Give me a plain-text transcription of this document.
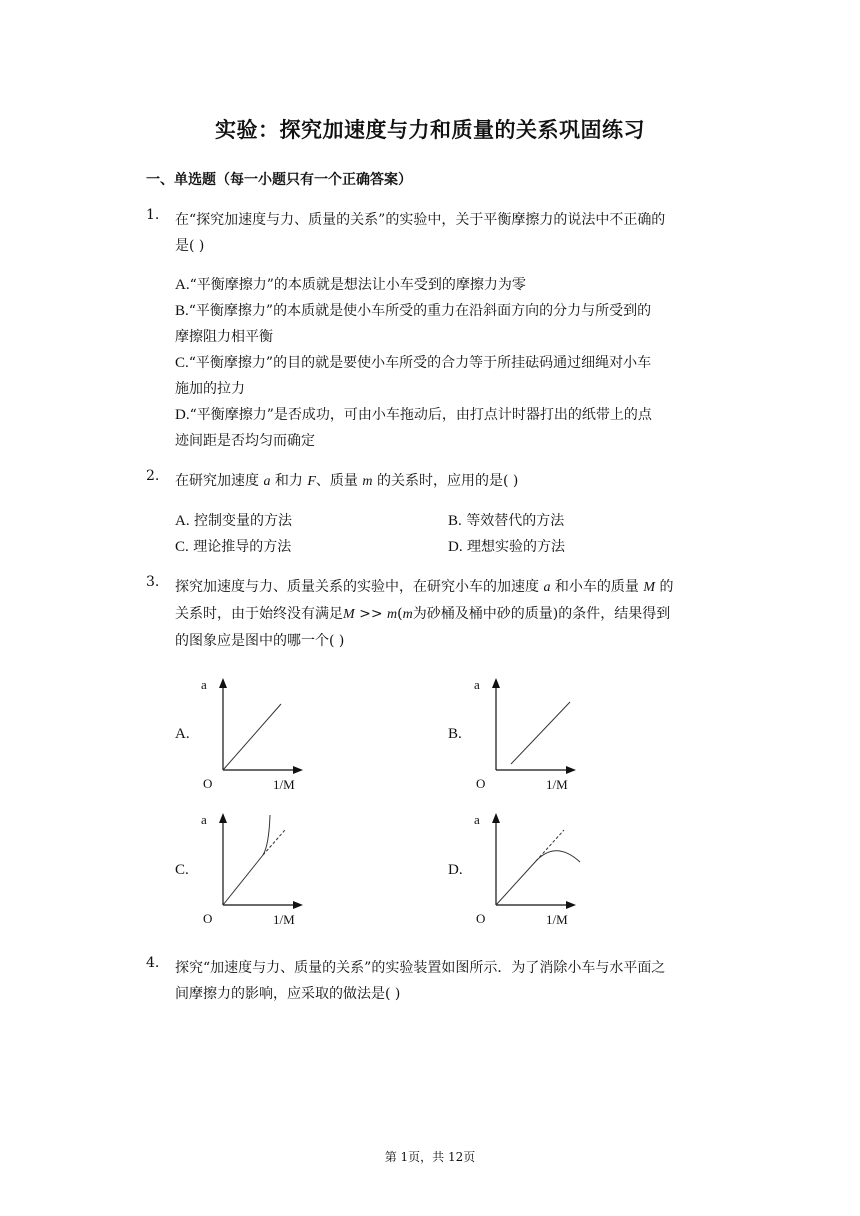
实验：探究加速度与力和质量的关系巩固练习
一、单选题（每一小题只有一个正确答案）
1. 在“探究加速度与力、质量的关系”的实验中，关于平衡摩擦力的说法中不正确的
是( )
A.“平衡摩擦力”的本质就是想法让小车受到的摩擦力为零
B.“平衡摩擦力”的本质就是使小车所受的重力在沿斜面方向的分力与所受到的
摩擦阻力相平衡
C.“平衡摩擦力”的目的就是要使小车所受的合力等于所挂砝码通过细绳对小车
施加的拉力
D.“平衡摩擦力”是否成功，可由小车拖动后，由打点计时器打出的纸带上的点
迹间距是否均匀而确定
2. 在研究加速度 a 和力 F、质量 m 的关系时，应用的是( )
A. 控制变量的方法	B. 等效替代的方法
C. 理论推导的方法	D. 理想实验的方法
3. 探究加速度与力、质量关系的实验中，在研究小车的加速度 a 和小车的质量 M 的
关系时，由于始终没有满足M >> m(m为砂桶及桶中砂的质量)的条件，结果得到
的图象应是图中的哪一个( )
A.
a
O	1/M
B.
a
O	1/M
C.
a
O	1/M
D.
a
O	1/M
4. 探究“加速度与力、质量的关系”的实验装置如图所示．为了消除小车与水平面之
间摩擦力的影响，应采取的做法是( )
第 1页，共 12页
